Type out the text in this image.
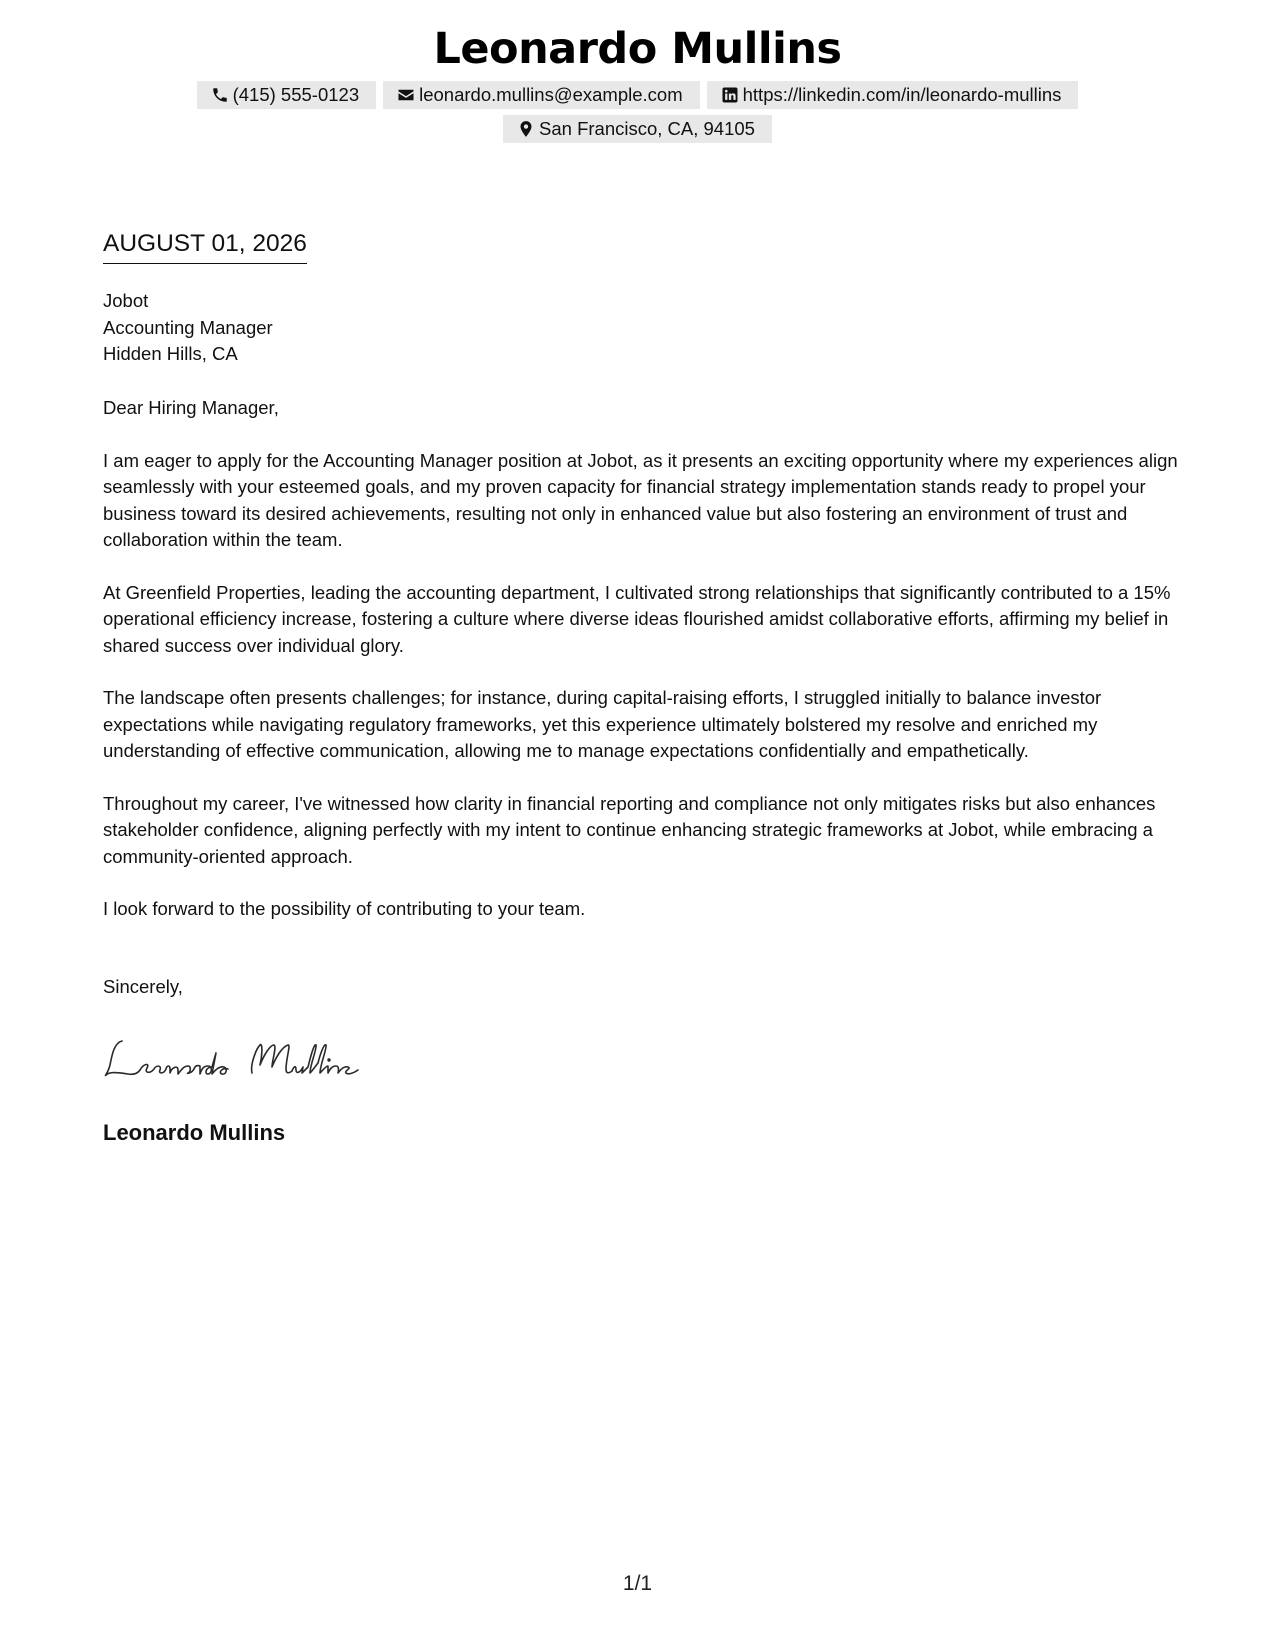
Leonardo Mullins
(415) 555-0123	leonardo.mullins@example.com	https://linkedin.com/in/leonardo-mullins
San Francisco, CA, 94105
AUGUST 01, 2026
Jobot
Accounting Manager
Hidden Hills, CA
Dear Hiring Manager,

I am eager to apply for the Accounting Manager position at Jobot, as it presents an exciting opportunity where my experiences align seamlessly with your esteemed goals, and my proven capacity for financial strategy implementation stands ready to propel your business toward its desired achievements, resulting not only in enhanced value but also fostering an environment of trust and collaboration within the team.

At Greenfield Properties, leading the accounting department, I cultivated strong relationships that significantly contributed to a 15% operational efficiency increase, fostering a culture where diverse ideas flourished amidst collaborative efforts, affirming my belief in shared success over individual glory.

The landscape often presents challenges; for instance, during capital-raising efforts, I struggled initially to balance investor expectations while navigating regulatory frameworks, yet this experience ultimately bolstered my resolve and enriched my understanding of effective communication, allowing me to manage expectations confidentially and empathetically.

Throughout my career, I've witnessed how clarity in financial reporting and compliance not only mitigates risks but also enhances stakeholder confidence, aligning perfectly with my intent to continue enhancing strategic frameworks at Jobot, while embracing a community-oriented approach.

I look forward to the possibility of contributing to your team.

Sincerely,
Leonardo Mullins
1/1
